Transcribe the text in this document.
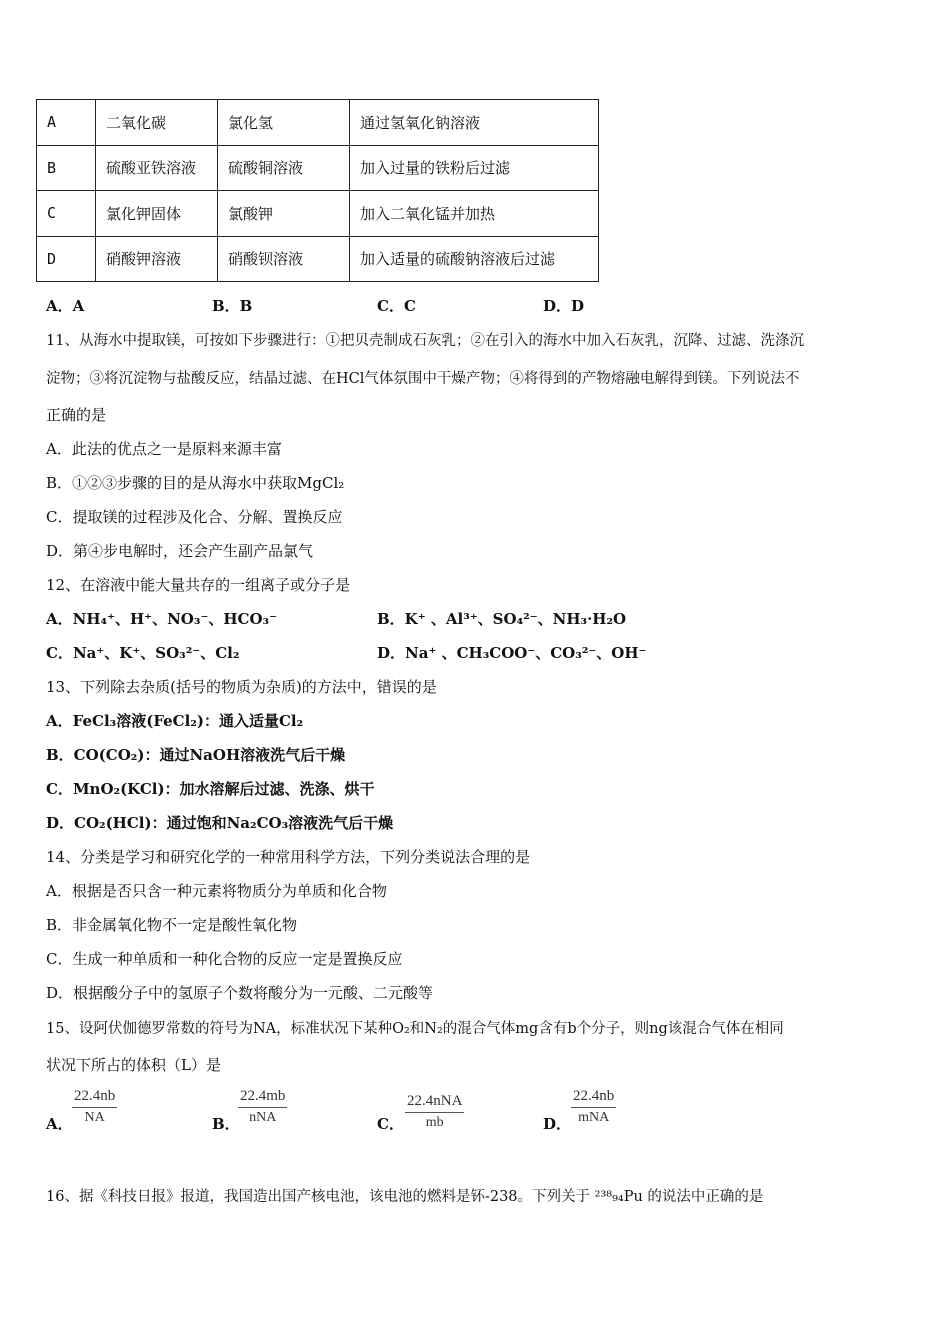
A	二氧化碳	氯化氢	通过氢氧化钠溶液
B	硫酸亚铁溶液	硫酸铜溶液	加入过量的铁粉后过滤
C	氯化钾固体	氯酸钾	加入二氧化锰并加热
D	硝酸钾溶液	硝酸钡溶液	加入适量的硫酸钠溶液后过滤
A．A	B．B	C．C	D．D
11、从海水中提取镁，可按如下步骤进行：①把贝壳制成石灰乳；②在引入的海水中加入石灰乳，沉降、过滤、洗涤沉
淀物；③将沉淀物与盐酸反应，结晶过滤、在HCl气体氛围中干燥产物；④将得到的产物熔融电解得到镁。下列说法不
正确的是
A．此法的优点之一是原料来源丰富
B．①②③步骤的目的是从海水中获取MgCl₂
C．提取镁的过程涉及化合、分解、置换反应
D．第④步电解时，还会产生副产品氯气
12、在溶液中能大量共存的一组离子或分子是
A．NH₄⁺、H⁺、NO₃⁻、HCO₃⁻	B．K⁺ 、Al³⁺、SO₄²⁻、NH₃·H₂O
C．Na⁺、K⁺、SO₃²⁻、Cl₂	D．Na⁺ 、CH₃COO⁻、CO₃²⁻、OH⁻
13、下列除去杂质(括号的物质为杂质)的方法中，错误的是
A．FeCl₃溶液(FeCl₂)：通入适量Cl₂
B．CO(CO₂)：通过NaOH溶液洗气后干燥
C．MnO₂(KCl)：加水溶解后过滤、洗涤、烘干
D．CO₂(HCl)：通过饱和Na₂CO₃溶液洗气后干燥
14、分类是学习和研究化学的一种常用科学方法，下列分类说法合理的是
A．根据是否只含一种元素将物质分为单质和化合物
B．非金属氧化物不一定是酸性氧化物
C．生成一种单质和一种化合物的反应一定是置换反应
D．根据酸分子中的氢原子个数将酸分为一元酸、二元酸等
15、设阿伏伽德罗常数的符号为NA，标准状况下某种O₂和N₂的混合气体mg含有b个分子，则ng该混合气体在相同
状况下所占的体积（L）是
A． $\frac{22.4nb}{NA}$	B．
22.4mb
nNA	C．
22.4nNA
mb	D．
22.4nb
mNA
16、据《科技日报》报道，我国造出国产核电池，该电池的燃料是钚-238。下列关于 ²³⁸₉₄Pu 的说法中正确的是
